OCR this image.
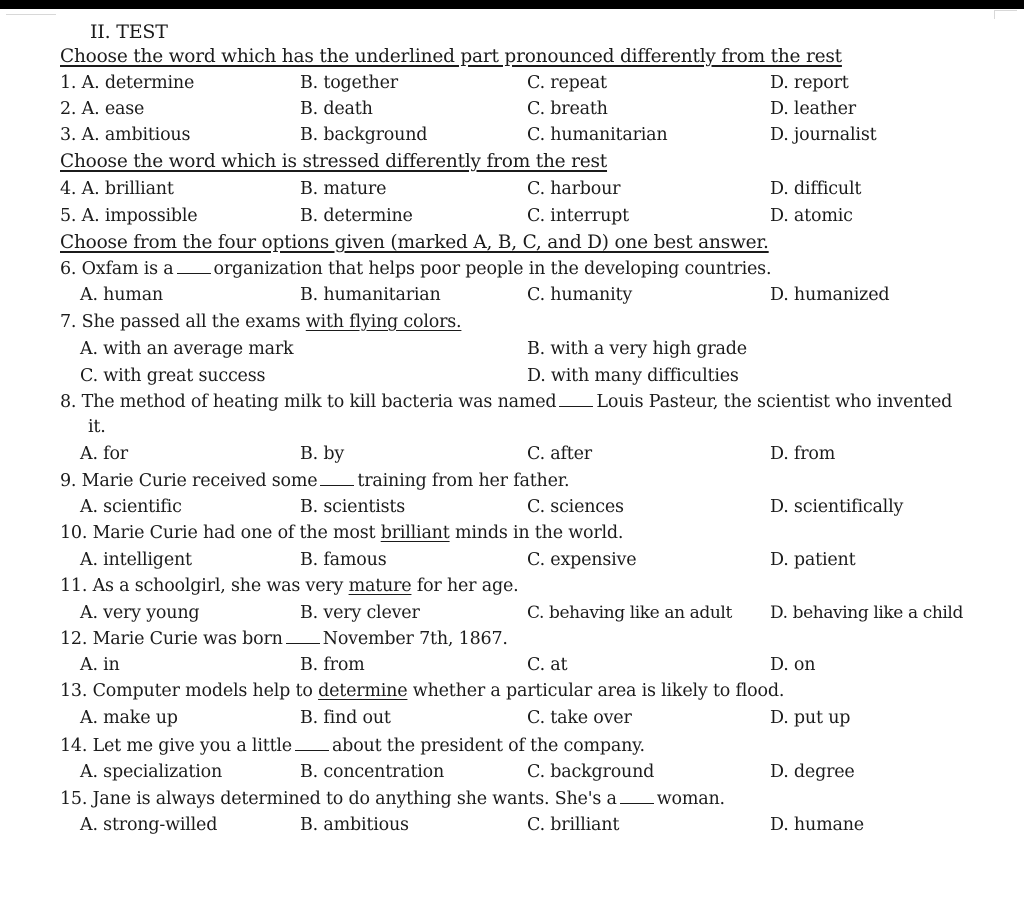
II. TEST
Choose the word which has the underlined part pronounced differently from the rest
1. A. determine	B. together	C. repeat	D. report
2. A. ease	B. death	C. breath	D. leather
3. A. ambitious	B. background	C. humanitarian	D. journalist
Choose the word which is stressed differently from the rest
4. A. brilliant	B. mature	C. harbour	D. difficult
5. A. impossible	B. determine	C. interrupt	D. atomic
Choose from the four options given (marked A, B, C, and D) one best answer.
6. Oxfam is a organization that helps poor people in the developing countries.
A. human	B. humanitarian	C. humanity	D. humanized
7. She passed all the exams with flying colors.
A. with an average mark	B. with a very high grade
C. with great success	D. with many difficulties
8. The method of heating milk to kill bacteria was named Louis Pasteur, the scientist who invented
it.
A. for	B. by	C. after	D. from
9. Marie Curie received some training from her father.
A. scientific	B. scientists	C. sciences	D. scientifically
10. Marie Curie had one of the most brilliant minds in the world.
A. intelligent	B. famous	C. expensive	D. patient
11. As a schoolgirl, she was very mature for her age.
A. very young	B. very clever	C. behaving like an adult D. behaving like a child
12. Marie Curie was born November 7th, 1867.
A. in	B. from	C. at	D. on
13. Computer models help to determine whether a particular area is likely to flood.
A. make up	B. find out	C. take over	D. put up
14. Let me give you a little about the president of the company.
A. specialization	B. concentration	C. background	D. degree
15. Jane is always determined to do anything she wants. She's a woman.
A. strong-willed	B. ambitious	C. brilliant	D. humane
